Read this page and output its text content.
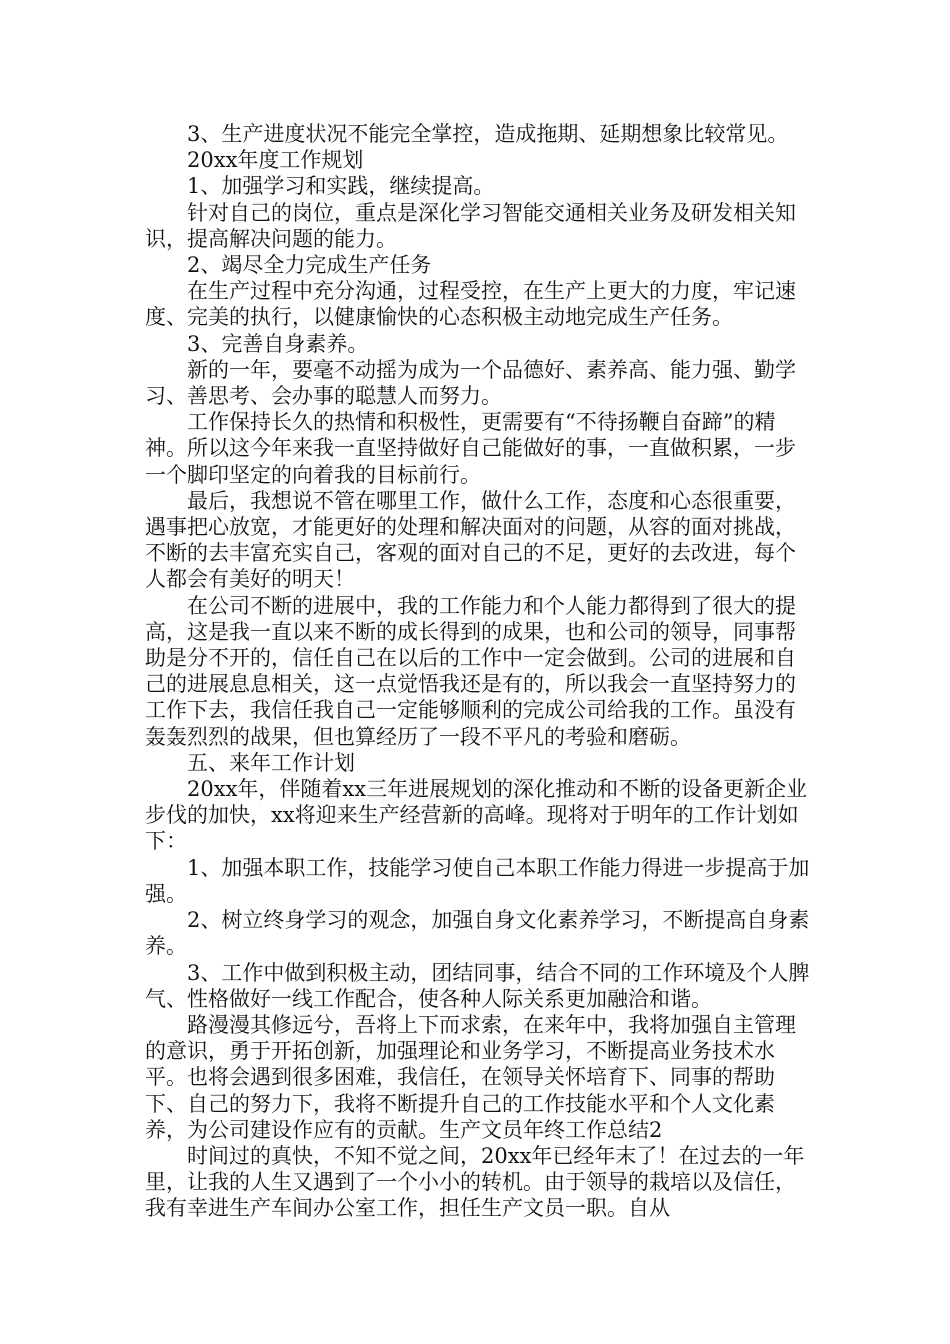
3、生产进度状况不能完全掌控，造成拖期、延期想象比较常见。

20xx年度工作规划

1、加强学习和实践，继续提高。

针对自己的岗位，重点是深化学习智能交通相关业务及研发相关知识，提高解决问题的能力。

2、竭尽全力完成生产任务

在生产过程中充分沟通，过程受控，在生产上更大的力度，牢记速度、完美的执行，以健康愉快的心态积极主动地完成生产任务。

3、完善自身素养。

新的一年，要毫不动摇为成为一个品德好、素养高、能力强、勤学习、善思考、会办事的聪慧人而努力。

工作保持长久的热情和积极性，更需要有“不待扬鞭自奋蹄”的精神。所以这今年来我一直坚持做好自己能做好的事，一直做积累，一步一个脚印坚定的向着我的目标前行。

最后，我想说不管在哪里工作，做什么工作，态度和心态很重要，遇事把心放宽，才能更好的处理和解决面对的问题，从容的面对挑战，不断的去丰富充实自己，客观的面对自己的不足，更好的去改进，每个人都会有美好的明天！

在公司不断的进展中，我的工作能力和个人能力都得到了很大的提高，这是我一直以来不断的成长得到的成果，也和公司的领导，同事帮助是分不开的，信任自己在以后的工作中一定会做到。公司的进展和自己的进展息息相关，这一点觉悟我还是有的，所以我会一直坚持努力的工作下去，我信任我自己一定能够顺利的完成公司给我的工作。虽没有轰轰烈烈的战果，但也算经历了一段不平凡的考验和磨砺。

五、来年工作计划

20xx年，伴随着xx三年进展规划的深化推动和不断的设备更新企业步伐的加快，xx将迎来生产经营新的高峰。现将对于明年的工作计划如下：

1、加强本职工作，技能学习使自己本职工作能力得进一步提高于加强。

2、树立终身学习的观念，加强自身文化素养学习，不断提高自身素养。

3、工作中做到积极主动，团结同事，结合不同的工作环境及个人脾气、性格做好一线工作配合，使各种人际关系更加融洽和谐。

路漫漫其修远兮，吾将上下而求索，在来年中，我将加强自主管理的意识，勇于开拓创新，加强理论和业务学习，不断提高业务技术水平。也将会遇到很多困难，我信任，在领导关怀培育下、同事的帮助下、自己的努力下，我将不断提升自己的工作技能水平和个人文化素养，为公司建设作应有的贡献。生产文员年终工作总结2

时间过的真快，不知不觉之间，20xx年已经年末了！在过去的一年里，让我的人生又遇到了一个小小的转机。由于领导的栽培以及信任，我有幸进生产车间办公室工作，担任生产文员一职。自从
